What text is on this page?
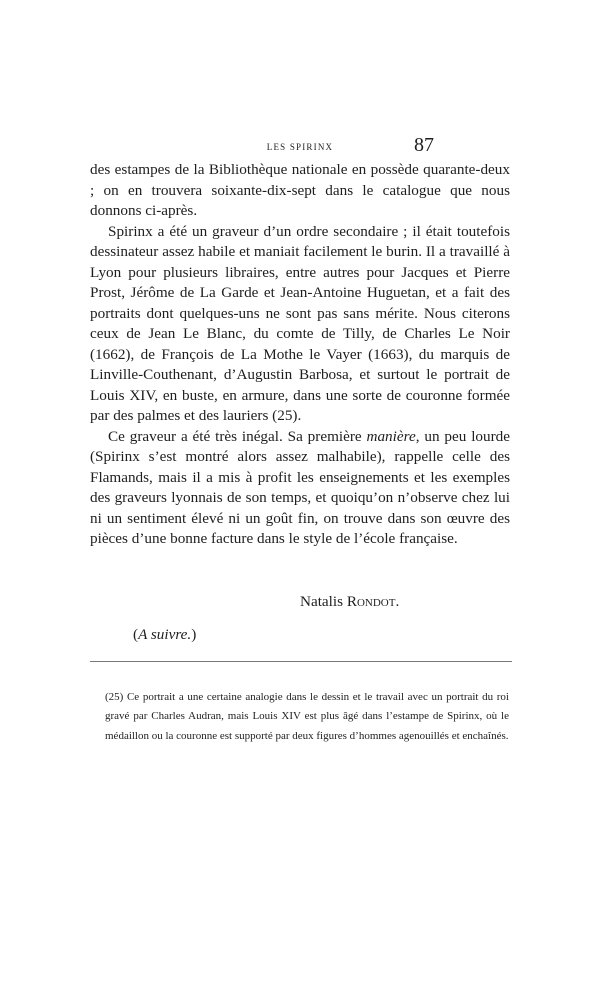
LES SPIRINX	87

des estampes de la Bibliothèque nationale en possède quarante-deux ; on en trouvera soixante-dix-sept dans le catalogue que nous donnons ci-après.

Spirinx a été un graveur d’un ordre secondaire ; il était toutefois dessinateur assez habile et maniait facilement le burin. Il a travaillé à Lyon pour plusieurs libraires, entre autres pour Jacques et Pierre Prost, Jérôme de La Garde et Jean-Antoine Huguetan, et a fait des portraits dont quelques-uns ne sont pas sans mérite. Nous citerons ceux de Jean Le Blanc, du comte de Tilly, de Charles Le Noir (1662), de François de La Mothe le Vayer (1663), du marquis de Linville-Couthenant, d’Augustin Barbosa, et surtout le portrait de Louis XIV, en buste, en armure, dans une sorte de couronne formée par des palmes et des lauriers (25).

Ce graveur a été très inégal. Sa première manière, un peu lourde (Spirinx s’est montré alors assez malhabile), rappelle celle des Flamands, mais il a mis à profit les enseignements et les exemples des graveurs lyonnais de son temps, et quoiqu’on n’observe chez lui ni un sentiment élevé ni un goût fin, on trouve dans son œuvre des pièces d’une bonne facture dans le style de l’école française.

Natalis Rondot.
(A suivre.)

(25) Ce portrait a une certaine analogie dans le dessin et le travail avec un portrait du roi gravé par Charles Audran, mais Louis XIV est plus âgé dans l’estampe de Spirinx, où le médaillon ou la couronne est supporté par deux figures d’hommes agenouillés et enchaînés.
